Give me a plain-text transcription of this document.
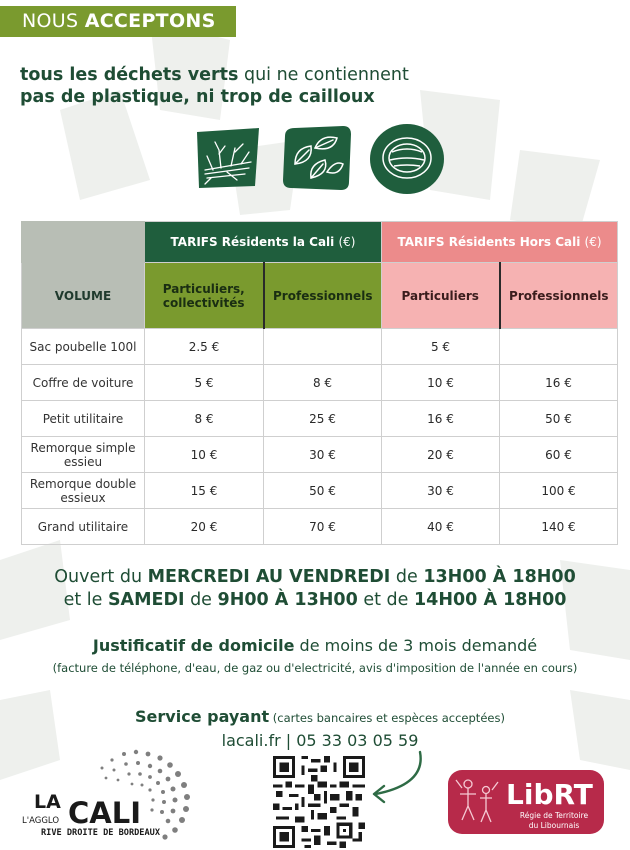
NOUS ACCEPTONS
tous les déchets verts qui ne contiennent
pas de plastique, ni trop de cailloux
	TARIFS Résidents la Cali (€)		TARIFS Résidents Hors Cali (€)	
VOLUME	Particuliers, collectivités	Professionnels	Particuliers	Professionnels
Sac poubelle 100l	2.5 €		5 €	
Coffre de voiture	5 €	8 €	10 €	16 €
Petit utilitaire	8 €	25 €	16 €	50 €
Remorque simple essieu	10 €	30 €	20 €	60 €
Remorque double essieux	15 €	50 €	30 €	100 €
Grand utilitaire	20 €	70 €	40 €	140 €
Ouvert du MERCREDI AU VENDREDI de 13H00 À 18H00
et le SAMEDI de 9H00 À 13H00 et de 14H00 À 18H00
Justificatif de domicile de moins de 3 mois demandé
(facture de téléphone, d'eau, de gaz ou d'electricité, avis d'imposition de l'année en cours)
Service payant (cartes bancaires et espèces acceptées)
lacali.fr | 05 33 03 05 59
LA
L'AGGLO CALI
RIVE DROITE DE BORDEAUX
LibRT
Régie de Territoire
du Libournais
